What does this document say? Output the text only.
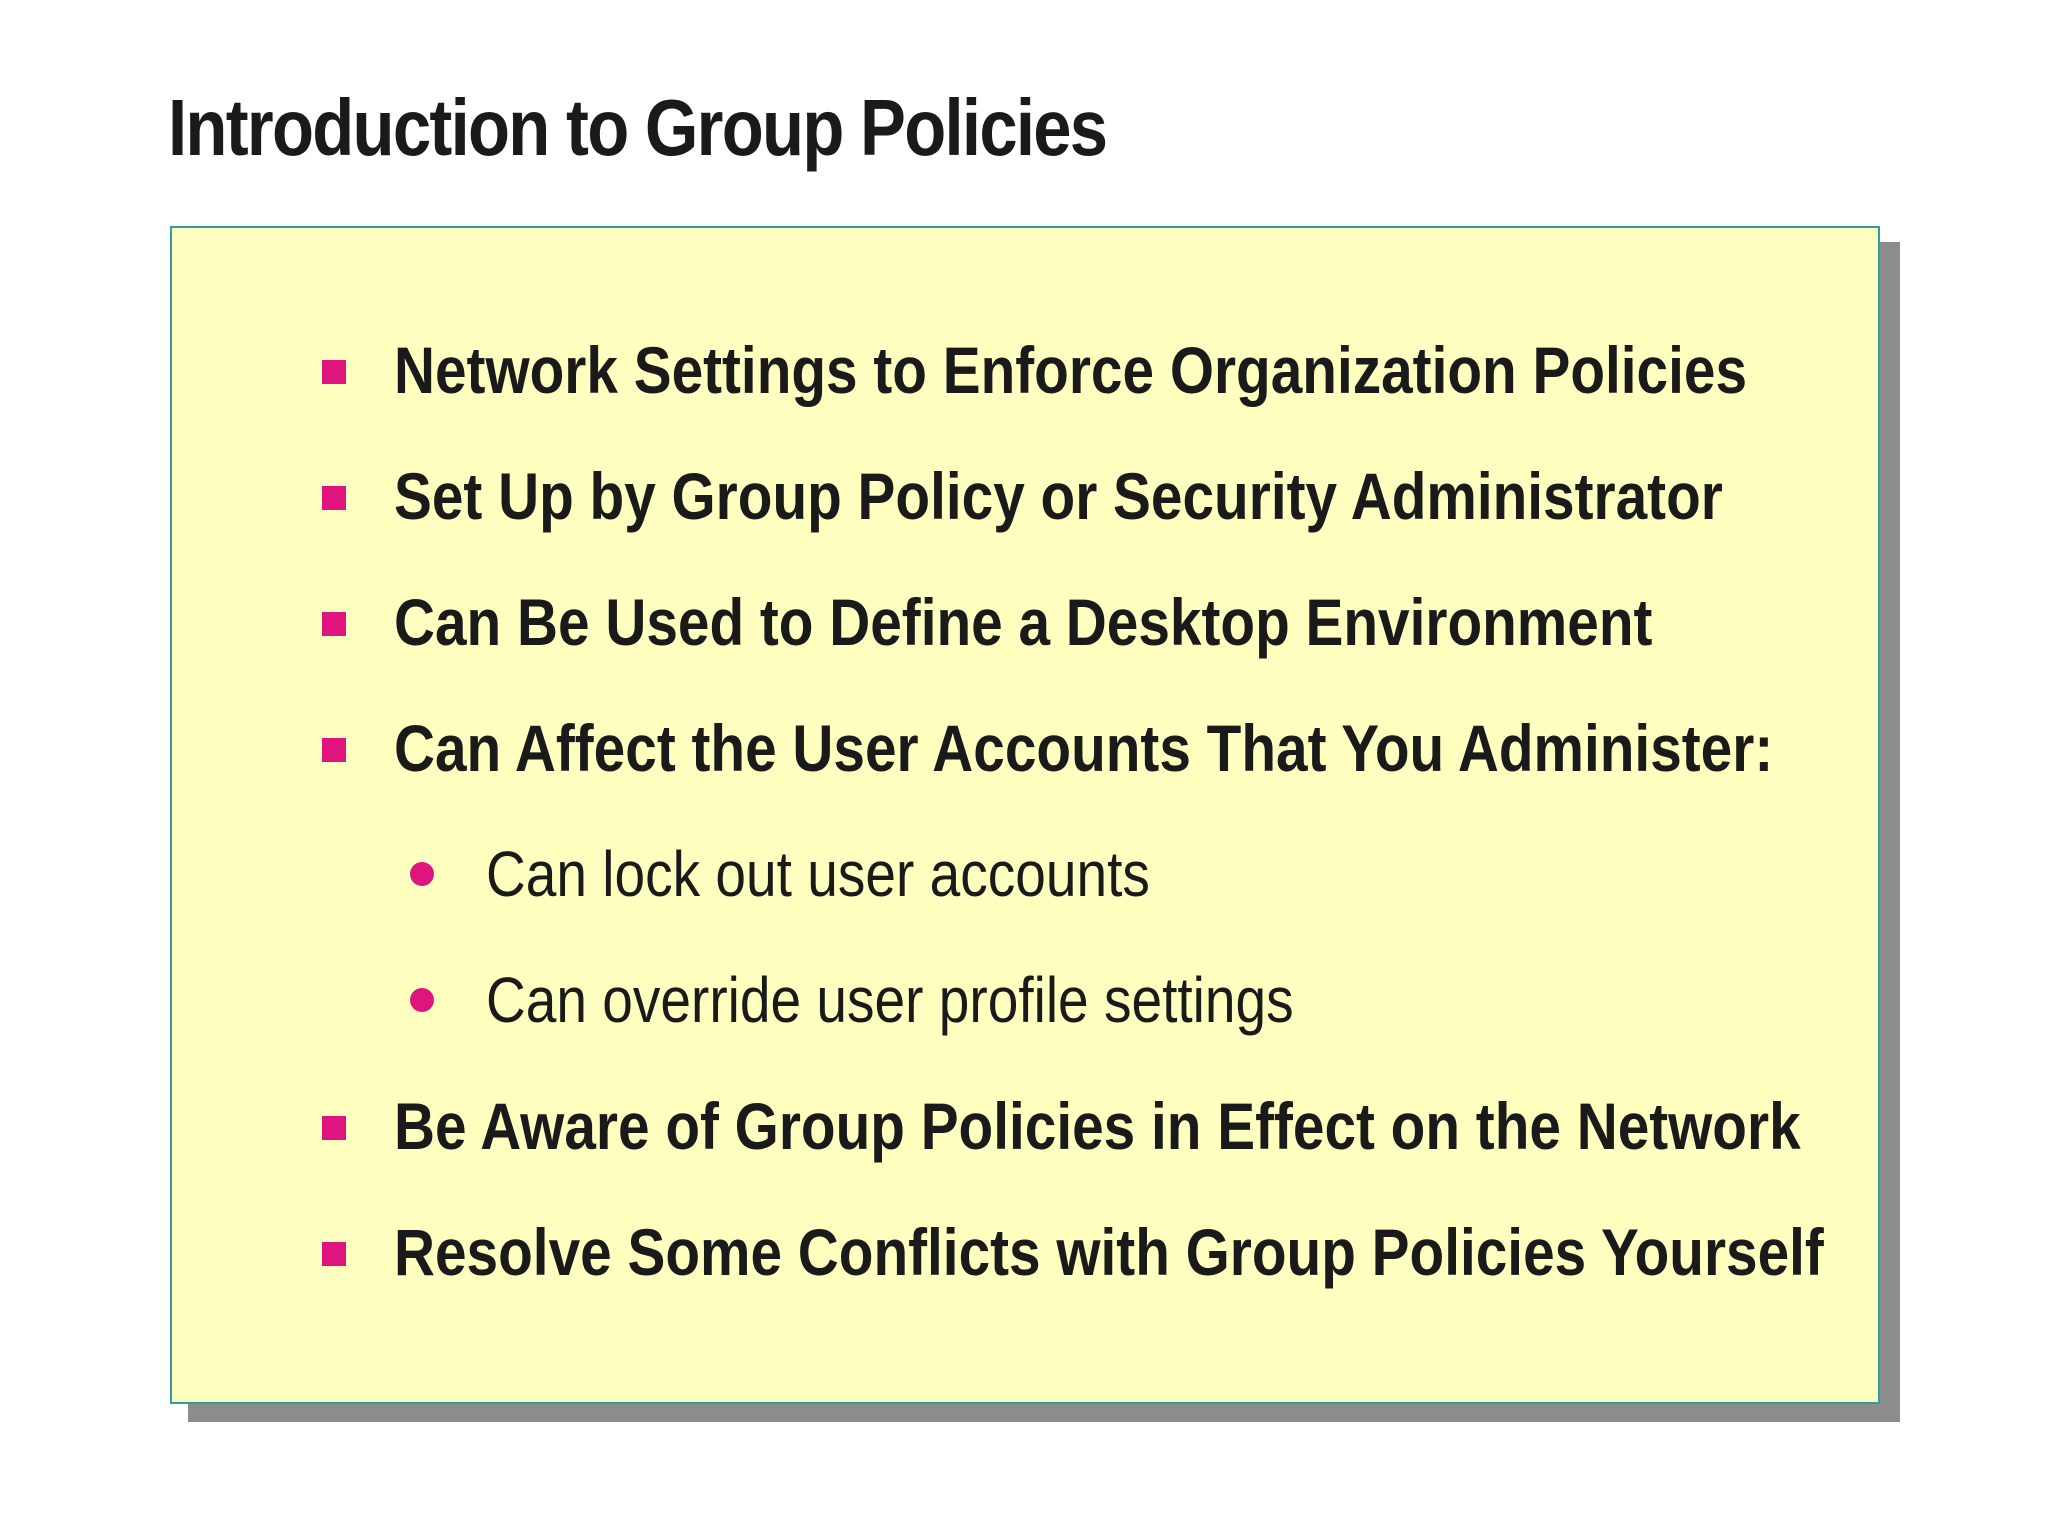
Introduction to Group Policies
Network Settings to Enforce Organization Policies
Set Up by Group Policy or Security Administrator
Can Be Used to Define a Desktop Environment
Can Affect the User Accounts That You Administer:
Can lock out user accounts
Can override user profile settings
Be Aware of Group Policies in Effect on the Network
Resolve Some Conflicts with Group Policies Yourself
